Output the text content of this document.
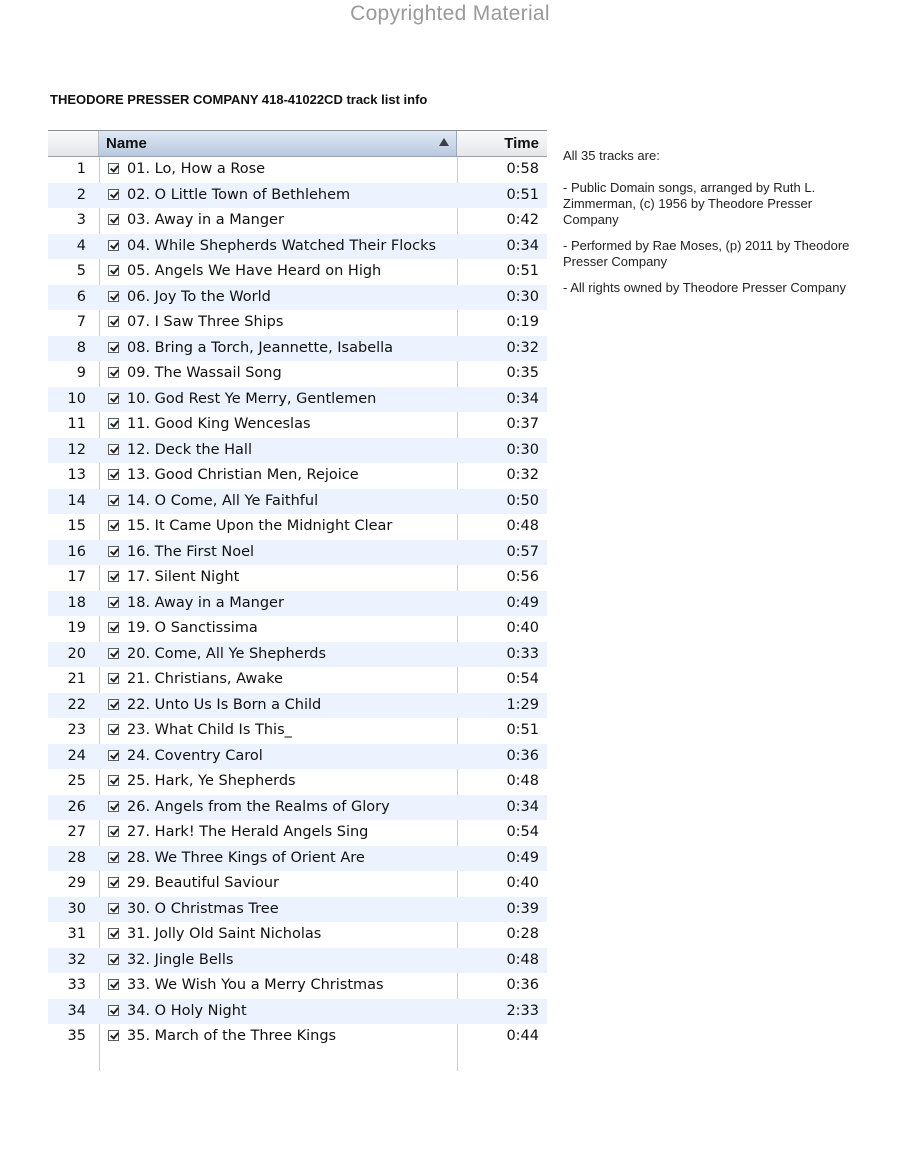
Copyrighted Material
THEODORE PRESSER COMPANY 418-41022CD track list info
Name	Time
1	01. Lo, How a Rose	0:58
2	02. O Little Town of Bethlehem	0:51
3	03. Away in a Manger	0:42
4	04. While Shepherds Watched Their Flocks	0:34
5	05. Angels We Have Heard on High	0:51
6	06. Joy To the World	0:30
7	07. I Saw Three Ships	0:19
8	08. Bring a Torch, Jeannette, Isabella	0:32
9	09. The Wassail Song	0:35
10	10. God Rest Ye Merry, Gentlemen	0:34
11	11. Good King Wenceslas	0:37
12	12. Deck the Hall	0:30
13	13. Good Christian Men, Rejoice	0:32
14	14. O Come, All Ye Faithful	0:50
15	15. It Came Upon the Midnight Clear	0:48
16	16. The First Noel	0:57
17	17. Silent Night	0:56
18	18. Away in a Manger	0:49
19	19. O Sanctissima	0:40
20	20. Come, All Ye Shepherds	0:33
21	21. Christians, Awake	0:54
22	22. Unto Us Is Born a Child	1:29
23	23. What Child Is This_	0:51
24	24. Coventry Carol	0:36
25	25. Hark, Ye Shepherds	0:48
26	26. Angels from the Realms of Glory	0:34
27	27. Hark! The Herald Angels Sing	0:54
28	28. We Three Kings of Orient Are	0:49
29	29. Beautiful Saviour	0:40
30	30. O Christmas Tree	0:39
31	31. Jolly Old Saint Nicholas	0:28
32	32. Jingle Bells	0:48
33	33. We Wish You a Merry Christmas	0:36
34	34. O Holy Night	2:33
35	35. March of the Three Kings	0:44

All 35 tracks are:

- Public Domain songs, arranged by Ruth L. Zimmerman, (c) 1956 by Theodore Presser Company

- Performed by Rae Moses, (p) 2011 by Theodore Presser Company

- All rights owned by Theodore Presser Company
